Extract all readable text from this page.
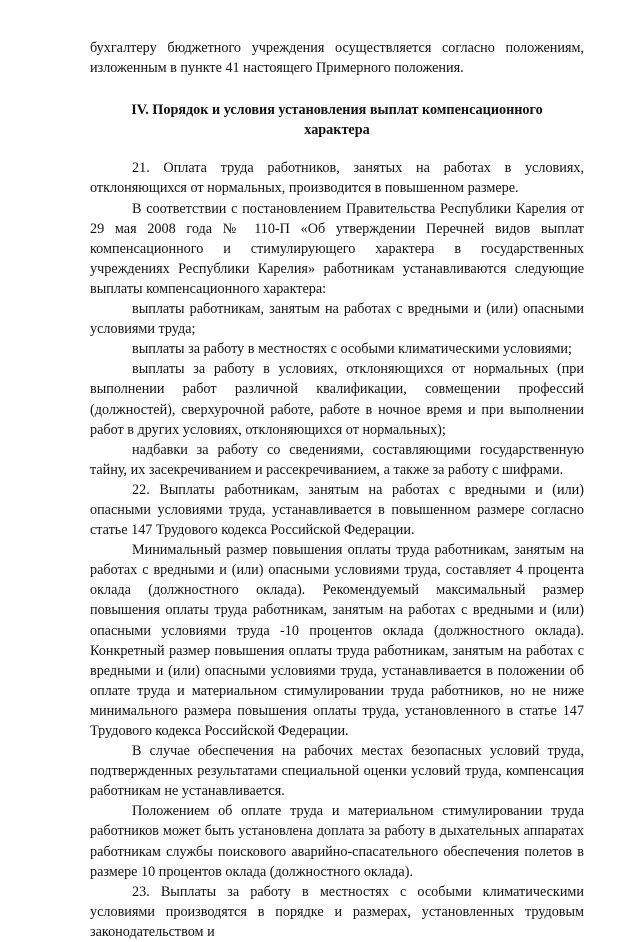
бухгалтеру бюджетного учреждения осуществляется согласно положениям, изложенным в пункте 41 настоящего Примерного положения.

IV. Порядок и условия установления выплат компенсационного
характера

21. Оплата труда работников, занятых на работах в условиях, отклоняющихся от нормальных, производится в повышенном размере.

В соответствии с постановлением Правительства Республики Карелия от 29 мая 2008 года № 110-П «Об утверждении Перечней видов выплат компенсационного и стимулирующего характера в государственных учреждениях Республики Карелия» работникам устанавливаются следующие выплаты компенсационного характера:

выплаты работникам, занятым на работах с вредными и (или) опасными условиями труда;

выплаты за работу в местностях с особыми климатическими условиями;

выплаты за работу в условиях, отклоняющихся от нормальных (при выполнении работ различной квалификации, совмещении профессий (должностей), сверхурочной работе, работе в ночное время и при выполнении работ в других условиях, отклоняющихся от нормальных);

надбавки за работу со сведениями, составляющими государственную тайну, их засекречиванием и рассекречиванием, а также за работу с шифрами.

22. Выплаты работникам, занятым на работах с вредными и (или) опасными условиями труда, устанавливается в повышенном размере согласно статье 147 Трудового кодекса Российской Федерации.

Минимальный размер повышения оплаты труда работникам, занятым на работах с вредными и (или) опасными условиями труда, составляет 4 процента оклада (должностного оклада). Рекомендуемый максимальный размер повышения оплаты труда работникам, занятым на работах с вредными и (или) опасными условиями труда -10 процентов оклада (должностного оклада). Конкретный размер повышения оплаты труда работникам, занятым на работах с вредными и (или) опасными условиями труда, устанавливается в положении об оплате труда и материальном стимулировании труда работников, но не ниже минимального размера повышения оплаты труда, установленного в статье 147 Трудового кодекса Российской Федерации.

В случае обеспечения на рабочих местах безопасных условий труда, подтвержденных результатами специальной оценки условий труда, компенсация работникам не устанавливается.

Положением об оплате труда и материальном стимулировании труда работников может быть установлена доплата за работу в дыхательных аппаратах работникам службы поискового аварийно-спасательного обеспечения полетов в размере 10 процентов оклада (должностного оклада).

23. Выплаты за работу в местностях с особыми климатическими условиями производятся в порядке и размерах, установленных трудовым законодательством и
